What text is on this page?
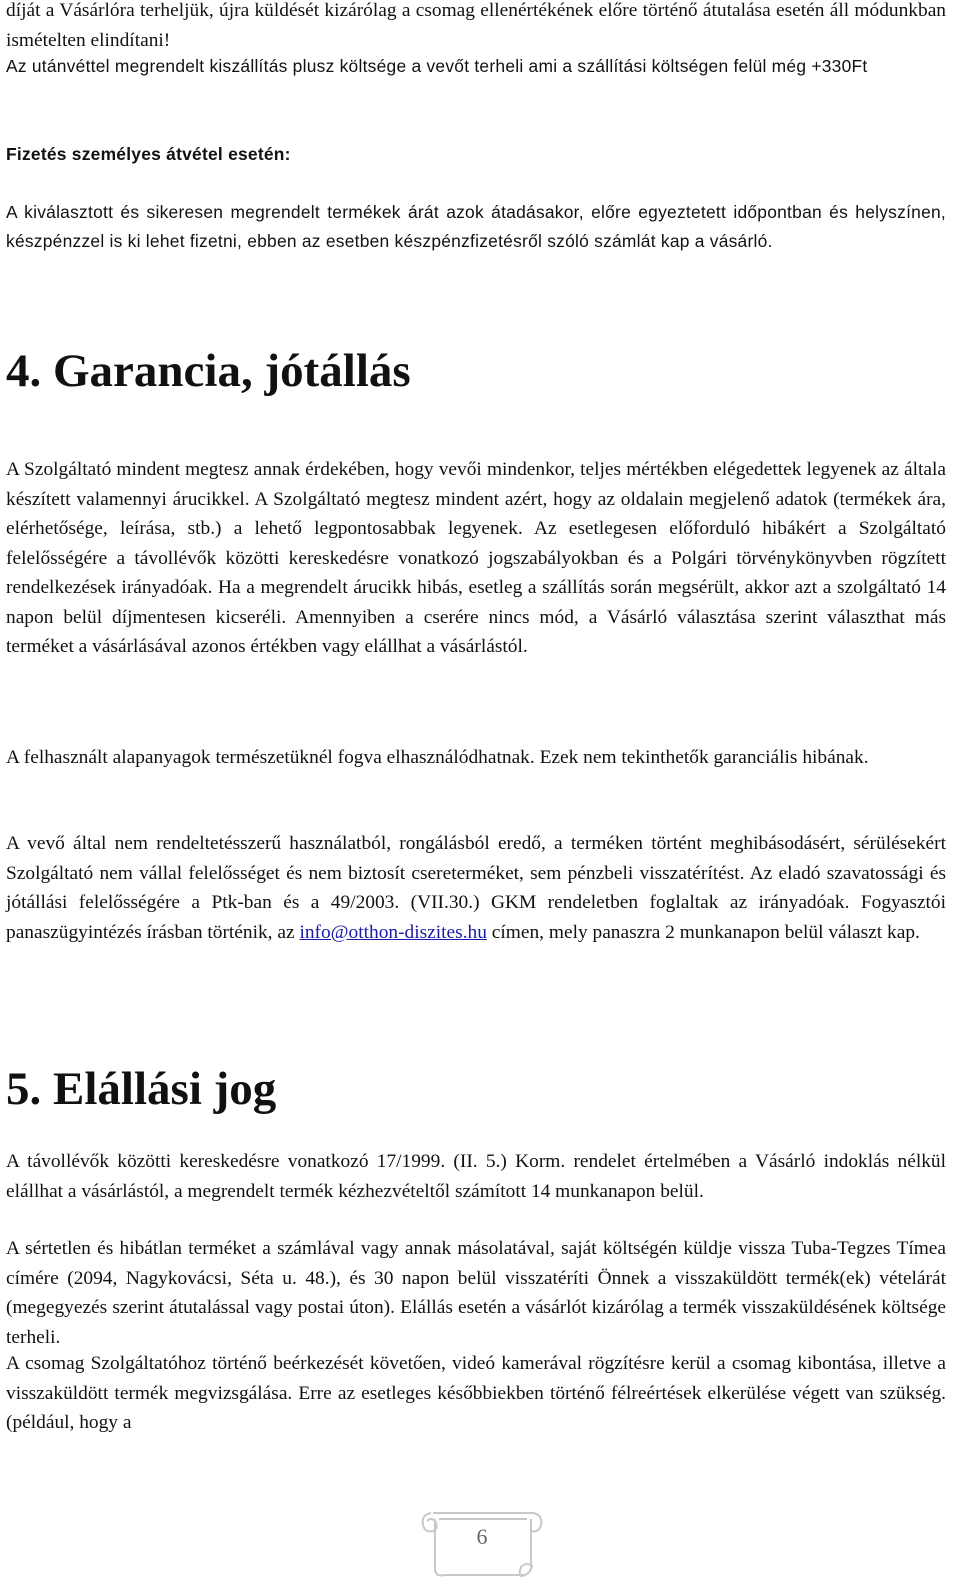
díját a Vásárlóra terheljük, újra küldését kizárólag a csomag ellenértékének előre történő átutalása esetén áll módunkban ismételten elindítani!

Az utánvéttel megrendelt kiszállítás plusz költsége a vevőt terheli ami a szállítási költségen felül még +330Ft

Fizetés személyes átvétel esetén:

A kiválasztott és sikeresen megrendelt termékek árát azok átadásakor, előre egyeztetett időpontban és helyszínen, készpénzzel is ki lehet fizetni, ebben az esetben készpénzfizetésről szóló számlát kap a vásárló.

4. Garancia, jótállás

A Szolgáltató mindent megtesz annak érdekében, hogy vevői mindenkor, teljes mértékben elégedettek legyenek az általa készített valamennyi árucikkel. A Szolgáltató megtesz mindent azért, hogy az oldalain megjelenő adatok (termékek ára, elérhetősége, leírása, stb.) a lehető legpontosabbak legyenek. Az esetlegesen előforduló hibákért a Szolgáltató felelősségére a távollévők közötti kereskedésre vonatkozó jogszabályokban és a Polgári törvénykönyvben rögzített rendelkezések irányadóak. Ha a megrendelt árucikk hibás, esetleg a szállítás során megsérült, akkor azt a szolgáltató 14 napon belül díjmentesen kicseréli. Amennyiben a cserére nincs mód, a Vásárló választása szerint választhat más terméket a vásárlásával azonos értékben vagy elállhat a vásárlástól.

A felhasznált alapanyagok természetüknél fogva elhasználódhatnak. Ezek nem tekinthetők garanciális hibának.

A vevő által nem rendeltetésszerű használatból, rongálásból eredő, a terméken történt meghibásodásért, sérülésekért Szolgáltató nem vállal felelősséget és nem biztosít csereterméket, sem pénzbeli visszatérítést. Az eladó szavatossági és jótállási felelősségére a Ptk-ban és a 49/2003. (VII.30.) GKM rendeletben foglaltak az irányadóak. Fogyasztói panaszügyintézés írásban történik, az info@otthon-diszites.hu címen, mely panaszra 2 munkanapon belül választ kap.

5. Elállási jog

A távollévők közötti kereskedésre vonatkozó 17/1999. (II. 5.) Korm. rendelet értelmében a Vásárló indoklás nélkül elállhat a vásárlástól, a megrendelt termék kézhezvételtől számított 14 munkanapon belül.

A sértetlen és hibátlan terméket a számlával vagy annak másolatával, saját költségén küldje vissza Tuba-Tegzes Tímea címére (2094, Nagykovácsi, Séta u. 48.), és 30 napon belül visszatéríti Önnek a visszaküldött termék(ek) vételárát (megegyezés szerint átutalással vagy postai úton). Elállás esetén a vásárlót kizárólag a termék visszaküldésének költsége terheli.

A csomag Szolgáltatóhoz történő beérkezését követően, videó kamerával rögzítésre kerül a csomag kibontása, illetve a visszaküldött termék megvizsgálása. Erre az esetleges későbbiekben történő félreértések elkerülése végett van szükség. (például, hogy a

6
